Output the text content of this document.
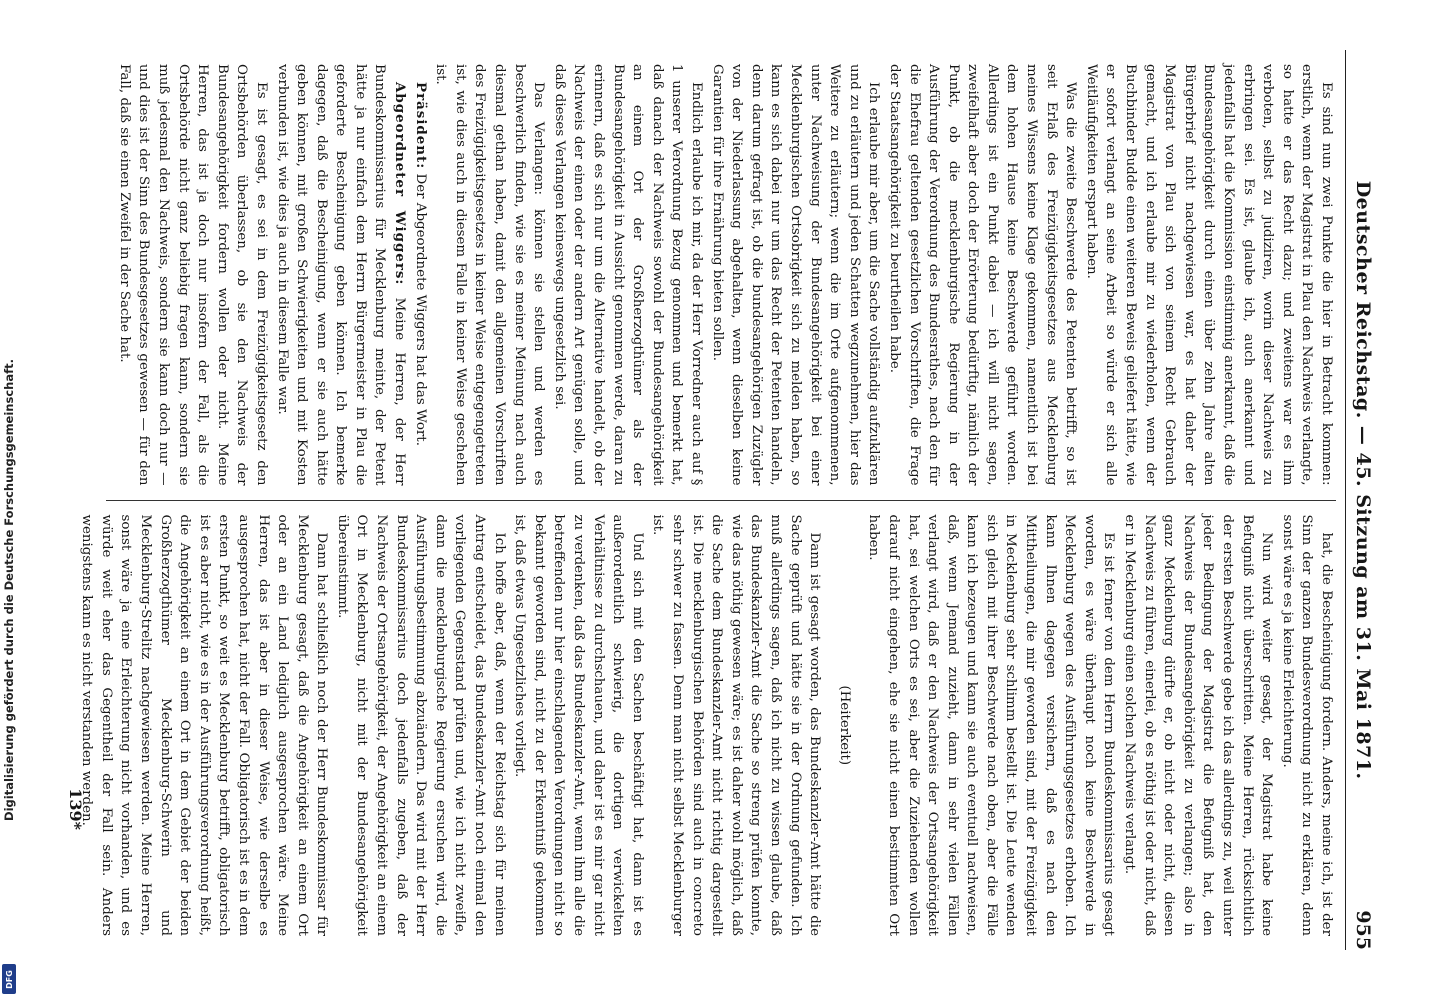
Deutscher Reichstag. — 45. Sitzung am 31. Mai 1871.
955

Es sind nun zwei Punkte die hier in Betracht kommen: erstlich, wenn der Magistrat in Plau den Nachweis verlangte, so hatte er das Recht dazu; und zweitens war es ihm verboten, selbst zu judiziren, worin dieser Nachweis zu erbringen sei. Es ist, glaube ich, auch anerkannt und jedenfalls hat die Kommission einstimmig anerkannt, daß die Bundesangehörigkeit durch einen über zehn Jahre alten Bürgerbrief nicht nachgewiesen war, es hat daher der Magistrat von Plau sich von seinem Recht Gebrauch gemacht, und ich erlaube mir zu wiederholen, wenn der Buchbinder Budde einen weiteren Beweis geliefert hätte, wie er sofort verlangt an seine Arbeit so würde er sich alle Weitläufigkeiten erspart haben.

Was die zweite Beschwerde des Petenten betrifft, so ist seit Erlaß des Freizügigkeitsgesetzes aus Mecklenburg meines Wissens keine Klage gekommen, namentlich ist bei dem hohen Hause keine Beschwerde geführt worden. Allerdings ist ein Punkt dabei — ich will nicht sagen, zweifelhaft aber doch der Erörterung bedürftig, nämlich der Punkt, ob die mecklenburgische Regierung in der Ausführung der Verordnung des Bundesrathes, nach den für die Ehefrau geltenden gesetzlichen Vorschriften, die Frage der Staatsangehörigkeit zu beurtheilen habe.

Ich erlaube mir aber, um die Sache vollständig aufzuklären und zu erläutern und jeden Schatten wegzunehmen, hier das Weitere zu erläutern; wenn die im Orte aufgenommenen, unter Nachweisung der Bundesangehörigkeit bei einer Mecklenburgischen Ortsobrigkeit sich zu melden haben, so kann es sich dabei nur um das Recht der Petenten handeln, denn darum gefragt ist, ob die bundesangehörigen Zuzügler von der Niederlassung abgehalten, wenn dieselben keine Garantien für ihre Ernährung bieten sollen.

Endlich erlaube ich mir, da der Herr Vorredner auch auf § 1 unserer Verordnung Bezug genommen und bemerkt hat, daß danach der Nachweis sowohl der Bundesangehörigkeit an einem Ort der Großherzogthümer als der Bundesangehörigkeit in Aussicht genommen werde, daran zu erinnern, daß es sich nur um die Alternative handelt, ob der Nachweis der einen oder der andern Art genügen solle, und daß dieses Verlangen keineswegs ungesetzlich sei.

Das Verlangen: können sie stellen und werden es beschwerlich finden, wie sie es meiner Meinung nach auch diesmal gethan haben, damit den allgemeinen Vorschriften des Freizügigkeitsgesetzes in keiner Weise entgegengetreten ist, wie dies auch in diesem Falle in keiner Weise geschehen ist.

Präsident: Der Abgeordnete Wiggers hat das Wort.

Abgeordneter Wiggers: Meine Herren, der Herr Bundeskommissarius für Mecklenburg meinte, der Petent hätte ja nur einfach dem Herrn Bürgermeister in Plau die geforderte Bescheinigung geben können. Ich bemerke dagegen, daß die Bescheinigung, wenn er sie auch hätte geben können, mit großen Schwierigkeiten und mit Kosten verbunden ist, wie dies ja auch in diesem Falle war.

Es ist gesagt, es sei in dem Freizügigkeitsgesetz den Ortsbehörden überlassen, ob sie den Nachweis der Bundesangehörigkeit fordern wollen oder nicht. Meine Herren, das ist ja doch nur insofern der Fall, als die Ortsbehörde nicht ganz beliebig fragen kann, sondern sie muß jedesmal den Nachweis, sondern sie kann doch nur — und dies ist der Sinn des Bundesgesetzes gewesen — für den Fall, daß sie einen Zweifel in der Sache hat.

hat, die Bescheinigung fordern. Anders, meine ich, ist der Sinn der ganzen Bundesverordnung nicht zu erklären, denn sonst wäre es ja keine Erleichterung.

Nun wird weiter gesagt, der Magistrat habe keine Befugniß nicht überschritten. Meine Herren, rücksichtlich der ersten Beschwerde gebe ich das allerdings zu, weil unter jeder Bedingung der Magistrat die Befugniß hat, den Nachweis der Bundesangehörigkeit zu verlangen; also in ganz Mecklenburg dürfte er, ob nicht oder nicht, diesen Nachweis zu führen, einerlei, ob es nöthig ist oder nicht, daß er in Mecklenburg einen solchen Nachweis verlangt.

Es ist ferner von dem Herrn Bundeskommissarius gesagt worden, es wäre überhaupt noch keine Beschwerde in Mecklenburg wegen des Ausführungsgesetzes erhoben. Ich kann Ihnen dagegen versichern, daß es nach den Mittheilungen, die mir geworden sind, mit der Freizügigkeit in Mecklenburg sehr schlimm bestellt ist. Die Leute wenden sich gleich mit ihrer Beschwerde nach oben, aber die Fälle kann ich bezeugen und kann sie auch eventuell nachweisen, daß, wenn Jemand zuzieht, dann in sehr vielen Fällen verlangt wird, daß er den Nachweis der Ortsangehörigkeit hat, sei welchen Orts es sei, aber die Zuziehenden wollen darauf nicht eingehen, ehe sie nicht einen bestimmten Ort haben.

(Heiterkeit)

Dann ist gesagt worden, das Bundeskanzler-Amt hätte die Sache geprüft und hätte sie in der Ordnung gefunden. Ich muß allerdings sagen, daß ich nicht zu wissen glaube, daß das Bundeskanzler-Amt die Sache so streng prüfen konnte, wie das nöthig gewesen wäre; es ist daher wohl möglich, daß die Sache dem Bundeskanzler-Amt nicht richtig dargestellt ist. Die mecklenburgischen Behörden sind auch in concreto sehr schwer zu fassen. Denn man nicht selbst Mecklenburger ist.

Und sich mit den Sachen beschäftigt hat, dann ist es außerordentlich schwierig, die dortigen verwickelten Verhältnisse zu durchschauen, und daher ist es mir gar nicht zu verdenken, daß das Bundeskanzler-Amt, wenn ihm alle die betreffenden nur hier einschlagenden Verordnungen nicht so bekannt geworden sind, nicht zu der Erkenntniß gekommen ist, daß etwas Ungesetzliches vorliegt.

Ich hoffe aber, daß, wenn der Reichstag sich für meinen Antrag entscheidet, das Bundeskanzler-Amt noch einmal den vorliegenden Gegenstand prüfen und, wie ich nicht zweifle, dann die mecklenburgische Regierung ersuchen wird, die Ausführungsbestimmung abzuändern. Das wird mit der Herr Bundeskommissarius doch jedenfalls zugeben, daß der Nachweis der Ortsangehörigkeit, der Angehörigkeit an einem Ort in Mecklenburg, nicht mit der Bundesangehörigkeit übereinstimmt.

Dann hat schließlich noch der Herr Bundeskommissar für Mecklenburg gesagt, daß die Angehörigkeit an einem Ort oder an ein Land lediglich ausgesprochen wäre. Meine Herren, das ist aber in dieser Weise, wie derselbe es ausgesprochen hat, nicht der Fall. Obligatorisch ist es in dem ersten Punkt, so weit es Mecklenburg betrifft, obligatorisch ist es aber nicht, wie es in der Ausführungsverordnung heißt, die Angehörigkeit an einem Ort in dem Gebiet der beiden Großherzogthümer Mecklenburg-Schwerin und Mecklenburg-Strelitz nachgewiesen werden. Meine Herren, sonst wäre ja eine Erleichterung nicht vorhanden, und es würde weit eher das Gegentheil der Fall sein. Anders wenigstens kann es nicht verstanden werden.

139*
Digitalisierung gefördert durch die Deutsche Forschungsgemeinschaft.
DFG
